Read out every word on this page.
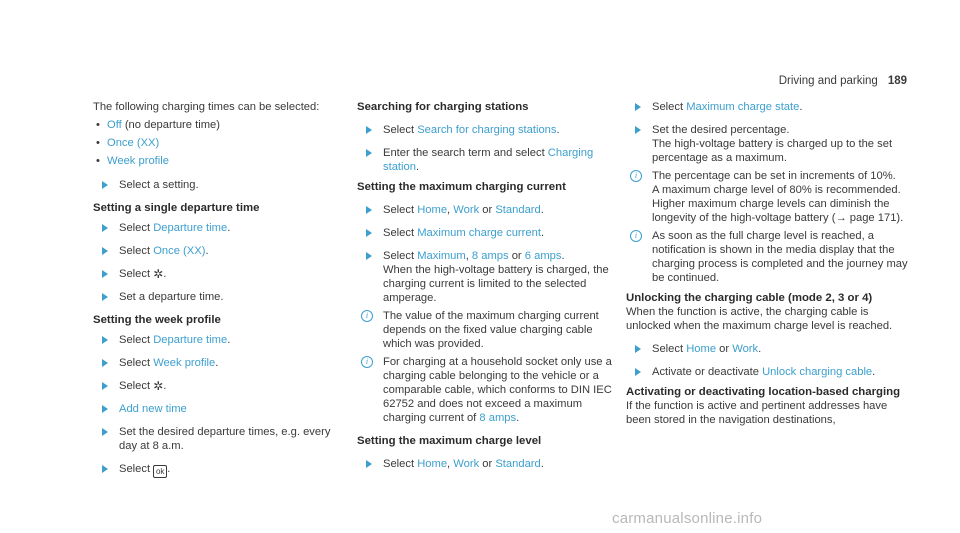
Driving and parking 189

The following charging times can be selected:

• Off (no departure time)

• Once (XX)

• Week profile

Select a setting.

Setting a single departure time

Select Departure time.

Select Once (XX).

Select ✲.

Set a departure time.

Setting the week profile

Select Departure time.

Select Week profile.

Select ✲.

Add new time

Set the desired departure times, e.g. every day at 8 a.m.

Select ok .

Searching for charging stations

Select Search for charging stations.

Enter the search term and select Charging station.

Setting the maximum charging current

Select Home, Work or Standard.

Select Maximum charge current.

Select Maximum, 8 amps or 6 amps.
When the high-voltage battery is charged, the charging current is limited to the selected amperage.

i	The value of the maximum charging current depends on the fixed value charging cable which was provided.

i	For charging at a household socket only use a charging cable belonging to the vehicle or a comparable cable, which conforms to DIN IEC 62752 and does not exceed a maximum charging current of 8 amps.

Setting the maximum charge level

Select Home, Work or Standard.

Select Maximum charge state.

Set the desired percentage.
The high-voltage battery is charged up to the set percentage as a maximum.

i	The percentage can be set in increments of 10%.
A maximum charge level of 80% is recommended. Higher maximum charge levels can diminish the longevity of the high-voltage battery (→ page 171).

i	As soon as the full charge level is reached, a notification is shown in the media display that the charging process is completed and the journey may be continued.

Unlocking the charging cable (mode 2, 3 or 4)

When the function is active, the charging cable is unlocked when the maximum charge level is reached.

Select Home or Work.

Activate or deactivate Unlock charging cable.

Activating or deactivating location-based charging

If the function is active and pertinent addresses have been stored in the navigation destinations,

carmanualsonline.info
